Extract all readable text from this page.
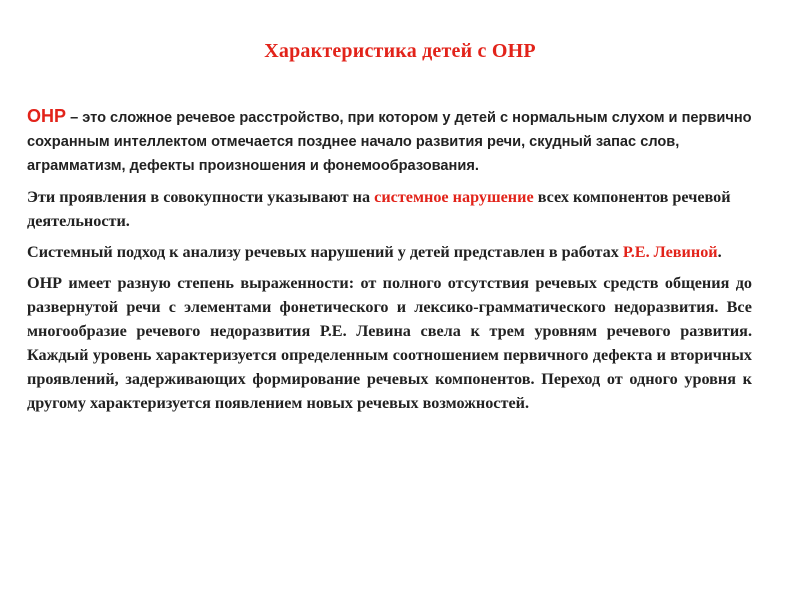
Характеристика детей с ОНР

ОНР – это сложное речевое расстройство, при котором у детей с нормальным слухом и первично сохранным интеллектом отмечается позднее начало развития речи, скудный запас слов, аграмматизм, дефекты произношения и фонемообразования.

Эти проявления в совокупности указывают на системное нарушение всех компонентов речевой деятельности.

Системный подход к анализу речевых нарушений у детей представлен в работах Р.Е. Левиной.

ОНР имеет разную степень выраженности: от полного отсутствия речевых средств общения до развернутой речи с элементами фонетического и лексико-грамматического недоразвития. Все многообразие речевого недоразвития Р.Е. Левина свела к трем уровням речевого развития. Каждый уровень характеризуется определенным соотношением первичного дефекта и вторичных проявлений, задерживающих формирование речевых компонентов. Переход от одного уровня к другому характеризуется появлением новых речевых возможностей.
